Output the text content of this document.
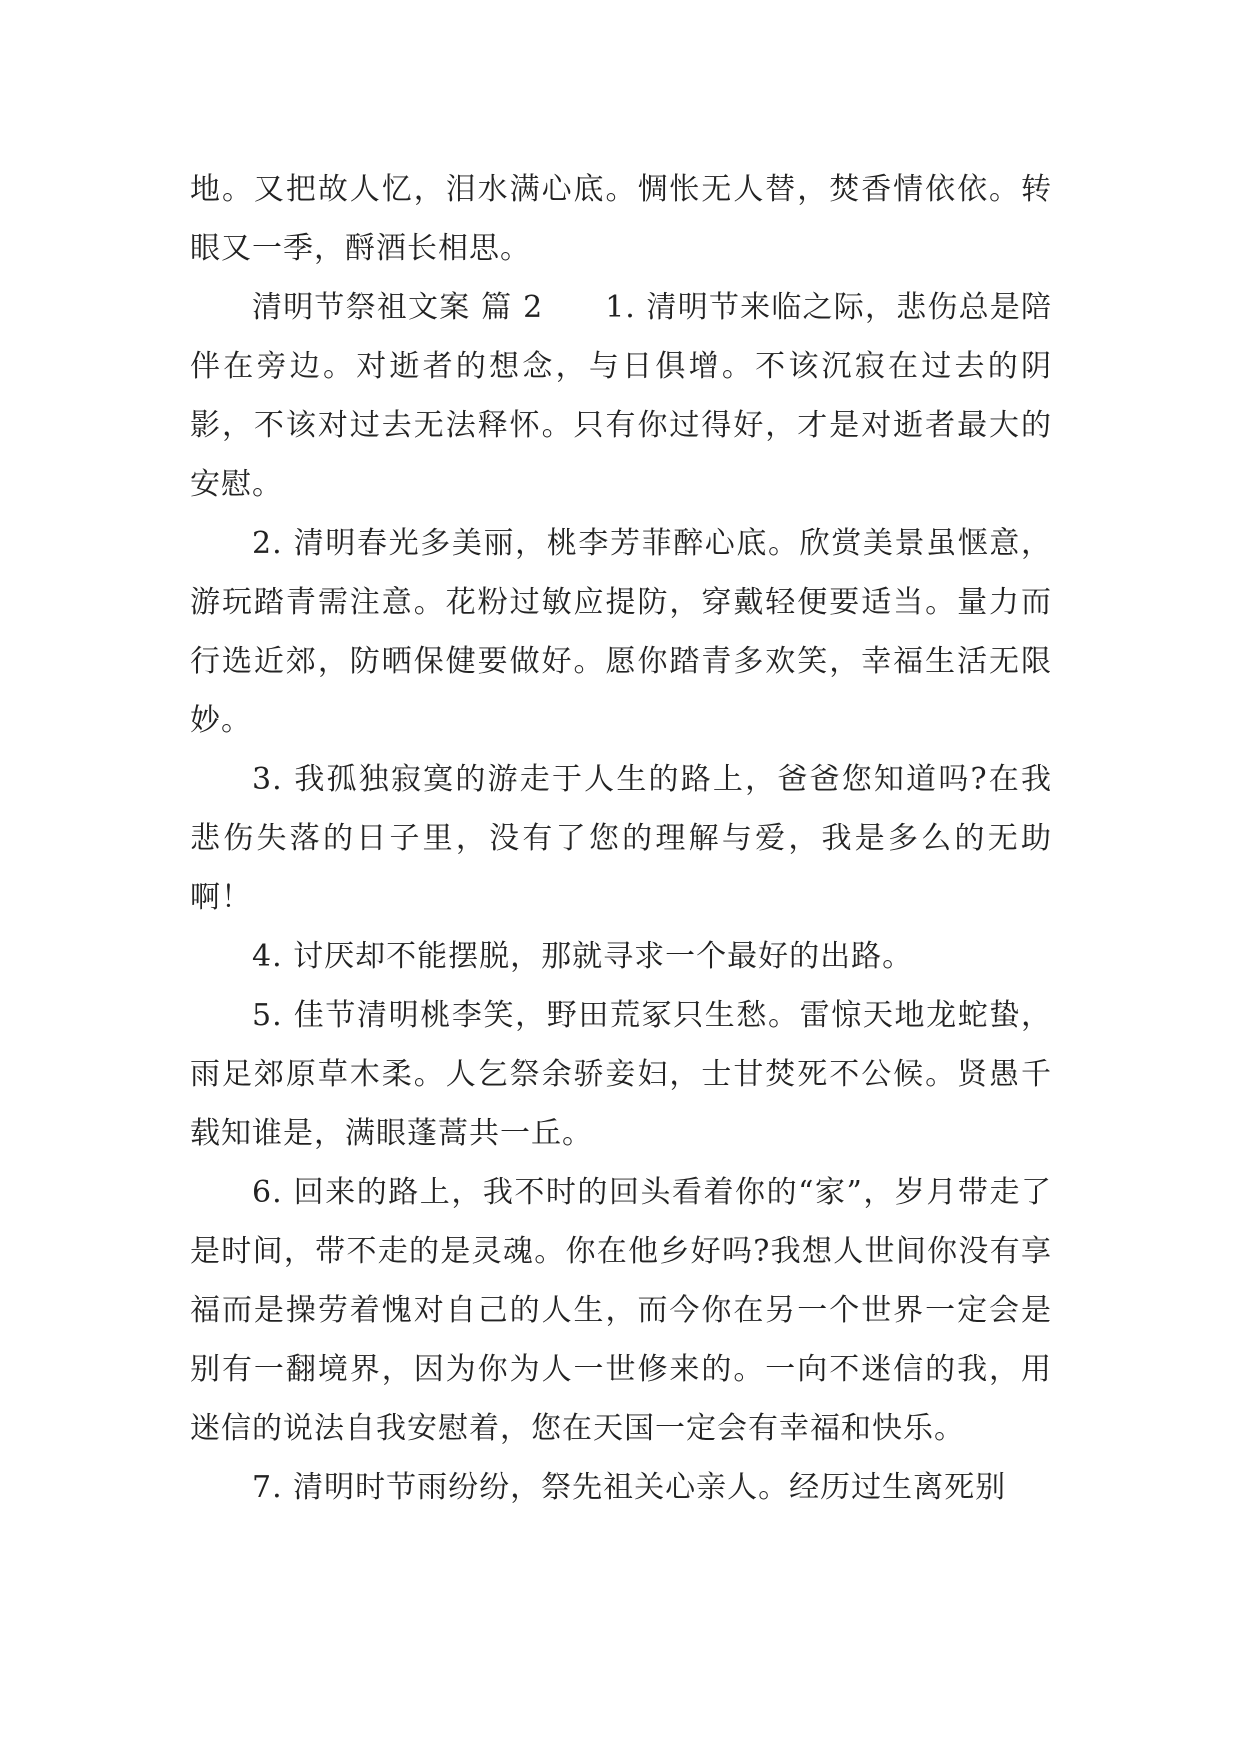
地。又把故人忆，泪水满心底。惆怅无人替，焚香情依依。转眼又一季，酹酒长相思。

清明节祭祖文案 篇 2 1. 清明节来临之际，悲伤总是陪伴在旁边。对逝者的想念，与日俱增。不该沉寂在过去的阴影，不该对过去无法释怀。只有你过得好，才是对逝者最大的安慰。

2. 清明春光多美丽，桃李芳菲醉心底。欣赏美景虽惬意，游玩踏青需注意。花粉过敏应提防，穿戴轻便要适当。量力而行选近郊，防晒保健要做好。愿你踏青多欢笑，幸福生活无限妙。

3. 我孤独寂寞的游走于人生的路上，爸爸您知道吗?在我悲伤失落的日子里，没有了您的理解与爱，我是多么的无助啊！

4. 讨厌却不能摆脱，那就寻求一个最好的出路。

5. 佳节清明桃李笑，野田荒冢只生愁。雷惊天地龙蛇蛰，雨足郊原草木柔。人乞祭余骄妾妇，士甘焚死不公候。贤愚千载知谁是，满眼蓬蒿共一丘。

6. 回来的路上，我不时的回头看着你的“家”，岁月带走了是时间，带不走的是灵魂。你在他乡好吗?我想人世间你没有享福而是操劳着愧对自己的人生，而今你在另一个世界一定会是别有一翻境界，因为你为人一世修来的。一向不迷信的我，用迷信的说法自我安慰着，您在天国一定会有幸福和快乐。

7. 清明时节雨纷纷，祭先祖关心亲人。经历过生离死别
